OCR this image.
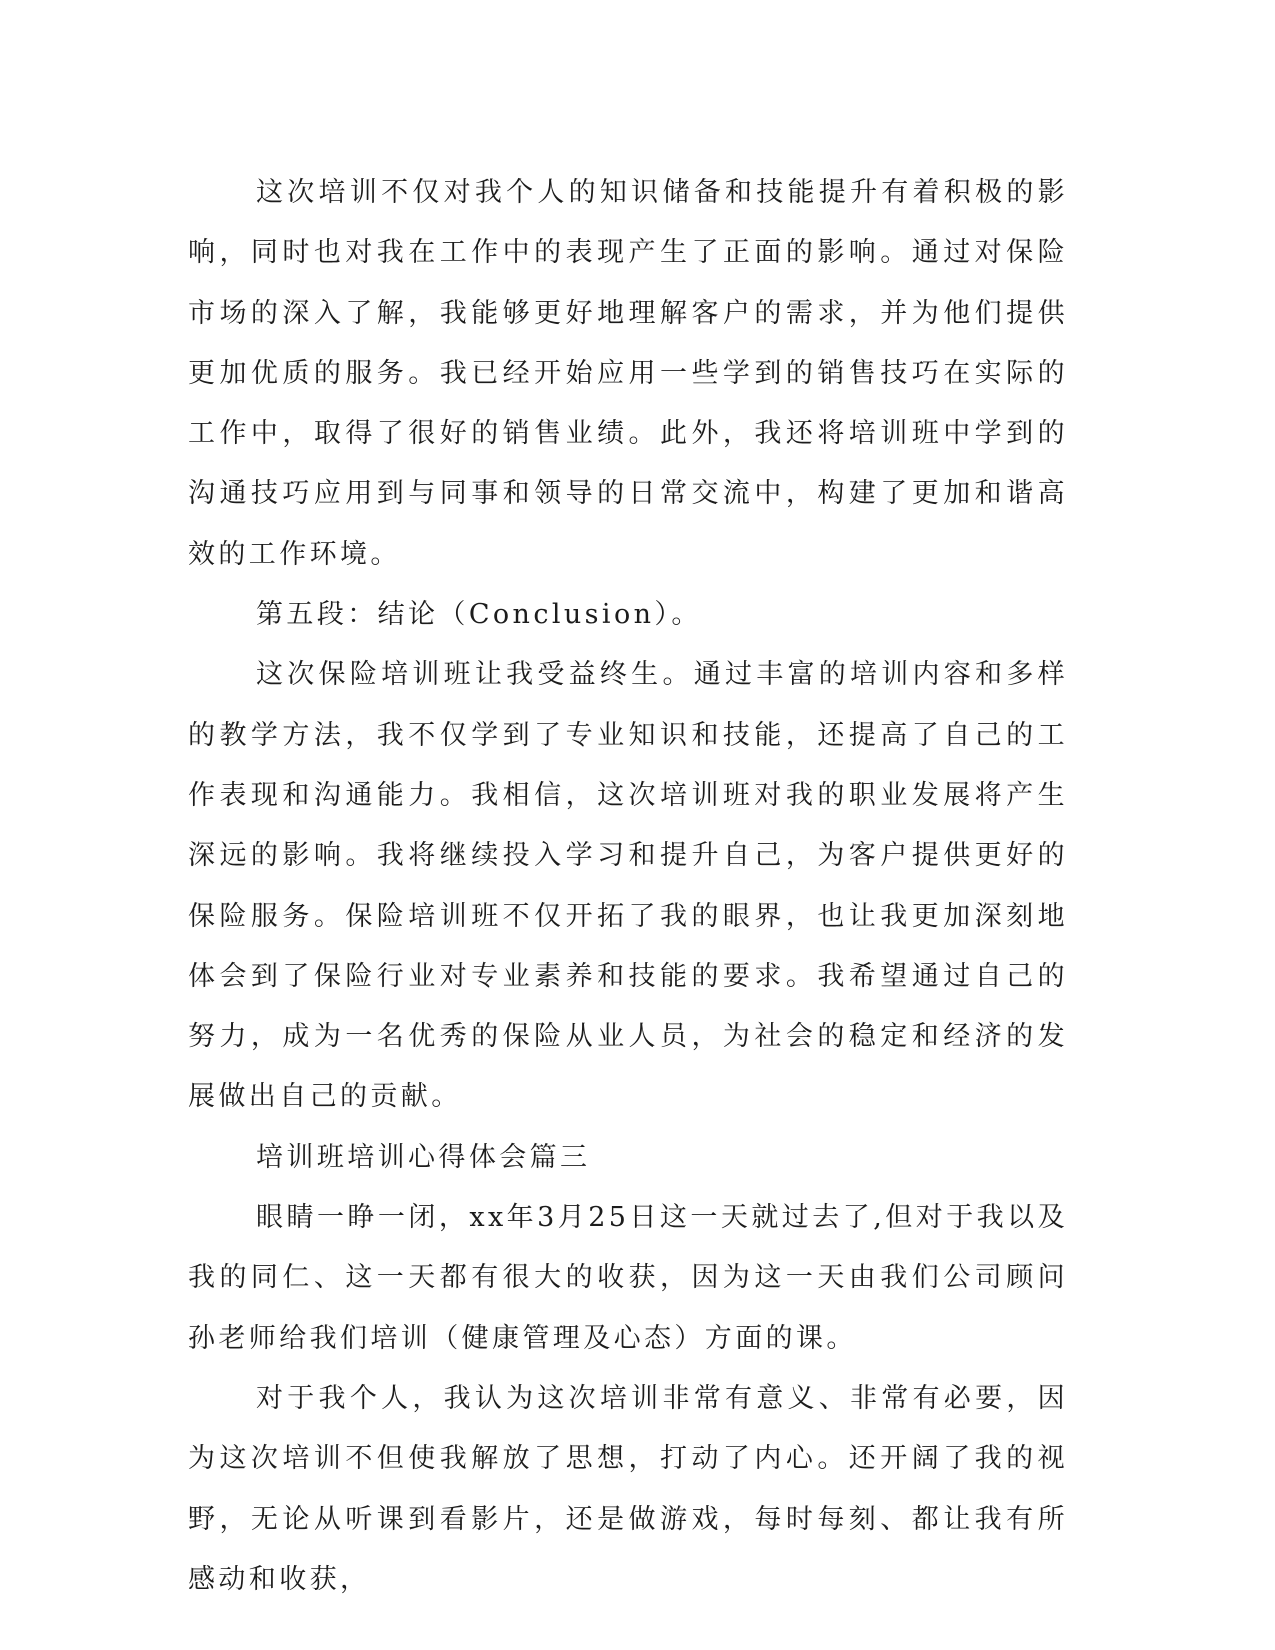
这次培训不仅对我个人的知识储备和技能提升有着积极的影响，同时也对我在工作中的表现产生了正面的影响。通过对保险市场的深入了解，我能够更好地理解客户的需求，并为他们提供更加优质的服务。我已经开始应用一些学到的销售技巧在实际的工作中，取得了很好的销售业绩。此外，我还将培训班中学到的沟通技巧应用到与同事和领导的日常交流中，构建了更加和谐高效的工作环境。

第五段：结论（Conclusion）。

这次保险培训班让我受益终生。通过丰富的培训内容和多样的教学方法，我不仅学到了专业知识和技能，还提高了自己的工作表现和沟通能力。我相信，这次培训班对我的职业发展将产生深远的影响。我将继续投入学习和提升自己，为客户提供更好的保险服务。保险培训班不仅开拓了我的眼界，也让我更加深刻地体会到了保险行业对专业素养和技能的要求。我希望通过自己的努力，成为一名优秀的保险从业人员，为社会的稳定和经济的发展做出自己的贡献。

培训班培训心得体会篇三

眼睛一睁一闭，xx年3月25日这一天就过去了,但对于我以及我的同仁、这一天都有很大的收获，因为这一天由我们公司顾问孙老师给我们培训（健康管理及心态）方面的课。

对于我个人，我认为这次培训非常有意义、非常有必要，因为这次培训不但使我解放了思想，打动了内心。还开阔了我的视野，无论从听课到看影片，还是做游戏，每时每刻、都让我有所感动和收获，
